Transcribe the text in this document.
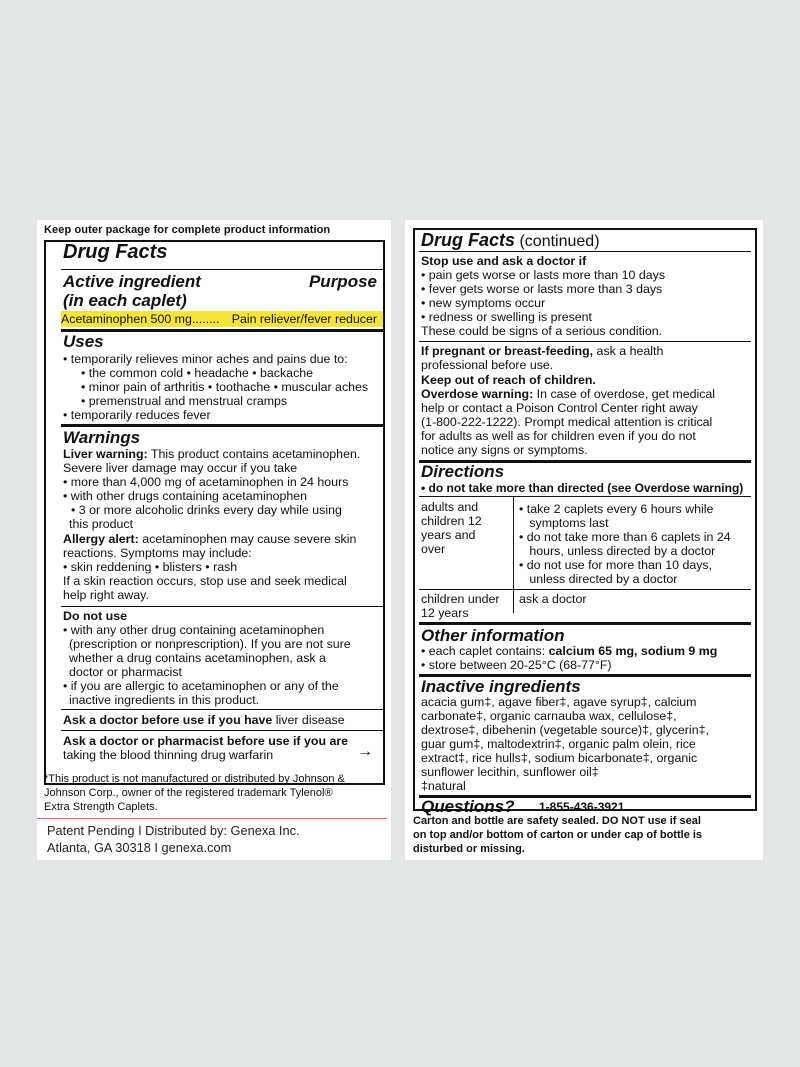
Keep outer package for complete product information
Drug Facts
Active ingredient
(in each caplet)
Purpose
Acetaminophen 500 mg........ Pain reliever/fever reducer
Uses
• temporarily relieves minor aches and pains due to:
• the common cold • headache • backache
• minor pain of arthritis • toothache • muscular aches
• premenstrual and menstrual cramps
• temporarily reduces fever
Warnings
Liver warning: This product contains acetaminophen.
Severe liver damage may occur if you take
• more than 4,000 mg of acetaminophen in 24 hours
• with other drugs containing acetaminophen
• 3 or more alcoholic drinks every day while using
this product
Allergy alert: acetaminophen may cause severe skin
reactions. Symptoms may include:
• skin reddening • blisters • rash
If a skin reaction occurs, stop use and seek medical
help right away.
Do not use
• with any other drug containing acetaminophen
(prescription or nonprescription). If you are not sure
whether a drug contains acetaminophen, ask a
doctor or pharmacist
• if you are allergic to acetaminophen or any of the
inactive ingredients in this product.
Ask a doctor before use if you have liver disease
Ask a doctor or pharmacist before use if you are
taking the blood thinning drug warfarin	→
*This product is not manufactured or distributed by Johnson &
Johnson Corp., owner of the registered trademark Tylenol®
Extra Strength Caplets.
Patent Pending I Distributed by: Genexa Inc.
Atlanta, GA 30318 I genexa.com
Drug Facts (continued)
Stop use and ask a doctor if
• pain gets worse or lasts more than 10 days
• fever gets worse or lasts more than 3 days
• new symptoms occur
• redness or swelling is present
These could be signs of a serious condition.
If pregnant or breast-feeding, ask a health
professional before use.
Keep out of reach of children.
Overdose warning: In case of overdose, get medical
help or contact a Poison Control Center right away
(1-800-222-1222). Prompt medical attention is critical
for adults as well as for children even if you do not
notice any signs or symptoms.
Directions
• do not take more than directed (see Overdose warning)
adults and
children 12
years and
over
• take 2 caplets every 6 hours while
symptoms last
• do not take more than 6 caplets in 24
hours, unless directed by a doctor
• do not use for more than 10 days,
unless directed by a doctor
children under
12 years
ask a doctor
Other information
• each caplet contains: calcium 65 mg, sodium 9 mg
• store between 20-25°C (68-77°F)
Inactive ingredients
acacia gum‡, agave fiber‡, agave syrup‡, calcium
carbonate‡, organic carnauba wax, cellulose‡,
dextrose‡, dibehenin (vegetable source)‡, glycerin‡,
guar gum‡, maltodextrin‡, organic palm olein, rice
extract‡, rice hulls‡, sodium bicarbonate‡, organic
sunflower lecithin, sunflower oil‡
‡natural
Questions? 1-855-436-3921
Carton and bottle are safety sealed. DO NOT use if seal
on top and/or bottom of carton or under cap of bottle is
disturbed or missing.
